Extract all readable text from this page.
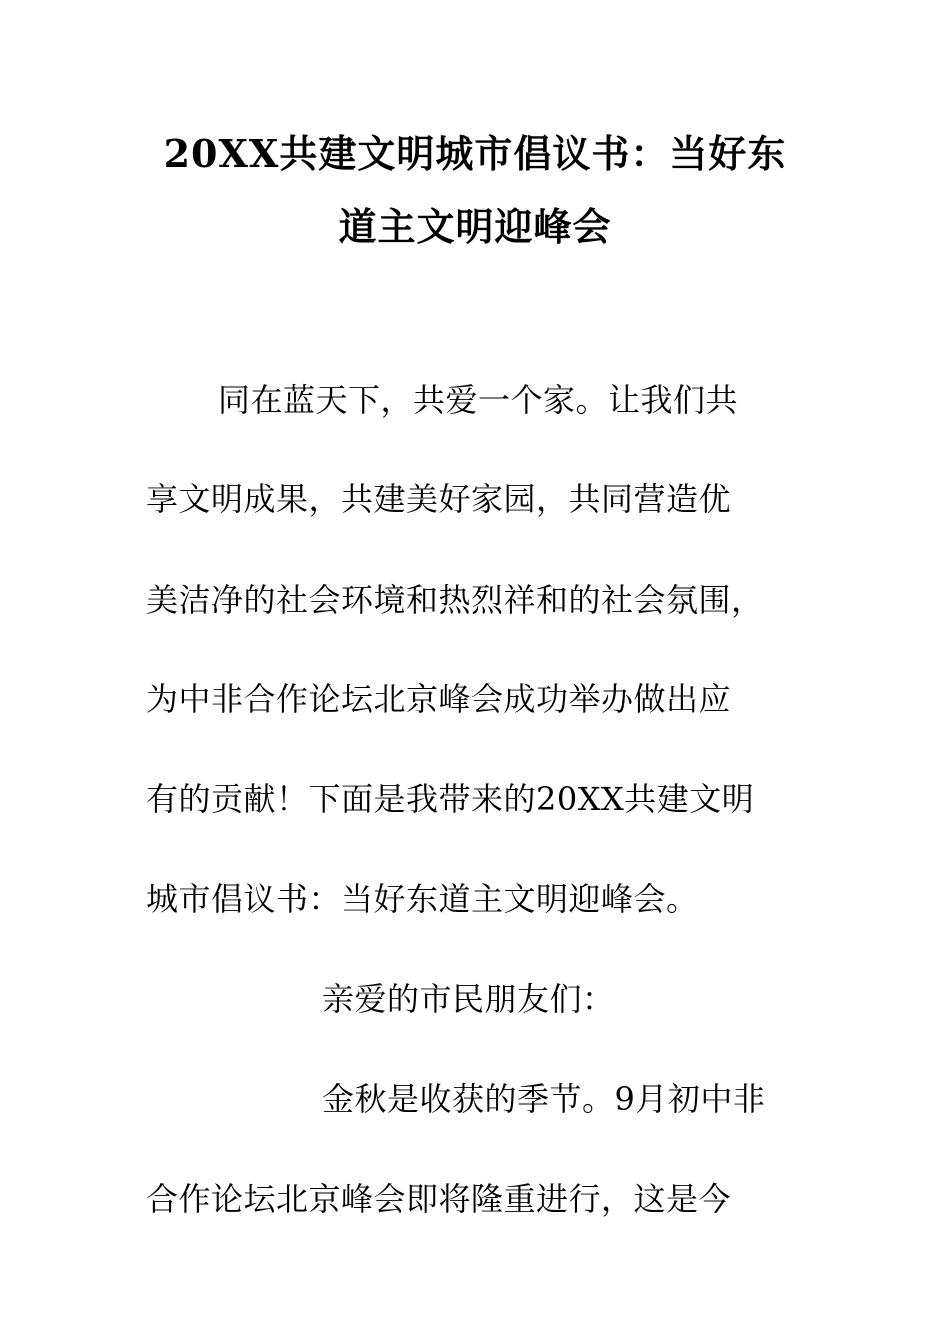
20XX共建文明城市倡议书：当好东
道主文明迎峰会
同在蓝天下，共爱一个家。让我们共
享文明成果，共建美好家园，共同营造优
美洁净的社会环境和热烈祥和的社会氛围，
为中非合作论坛北京峰会成功举办做出应
有的贡献！下面是我带来的20XX共建文明
城市倡议书：当好东道主文明迎峰会。
亲爱的市民朋友们：
金秋是收获的季节。9月初中非
合作论坛北京峰会即将隆重进行，这是今
